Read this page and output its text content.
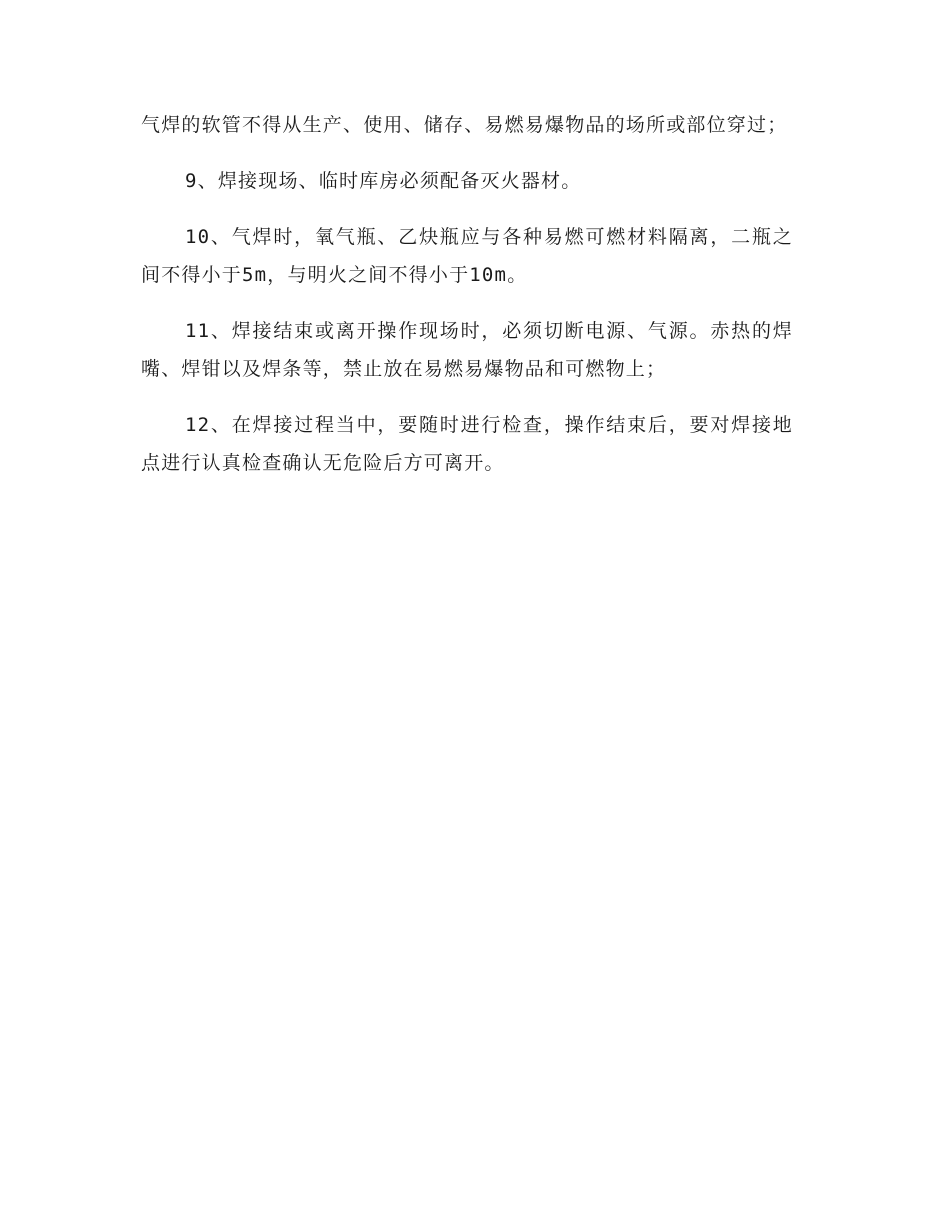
气焊的软管不得从生产、使用、储存、易燃易爆物品的场所或部位穿过；

9、焊接现场、临时库房必须配备灭火器材。

10、气焊时，氧气瓶、乙炔瓶应与各种易燃可燃材料隔离，二瓶之间不得小于5m，与明火之间不得小于10m。

11、焊接结束或离开操作现场时，必须切断电源、气源。赤热的焊嘴、焊钳以及焊条等，禁止放在易燃易爆物品和可燃物上；

12、在焊接过程当中，要随时进行检查，操作结束后，要对焊接地点进行认真检查确认无危险后方可离开。
